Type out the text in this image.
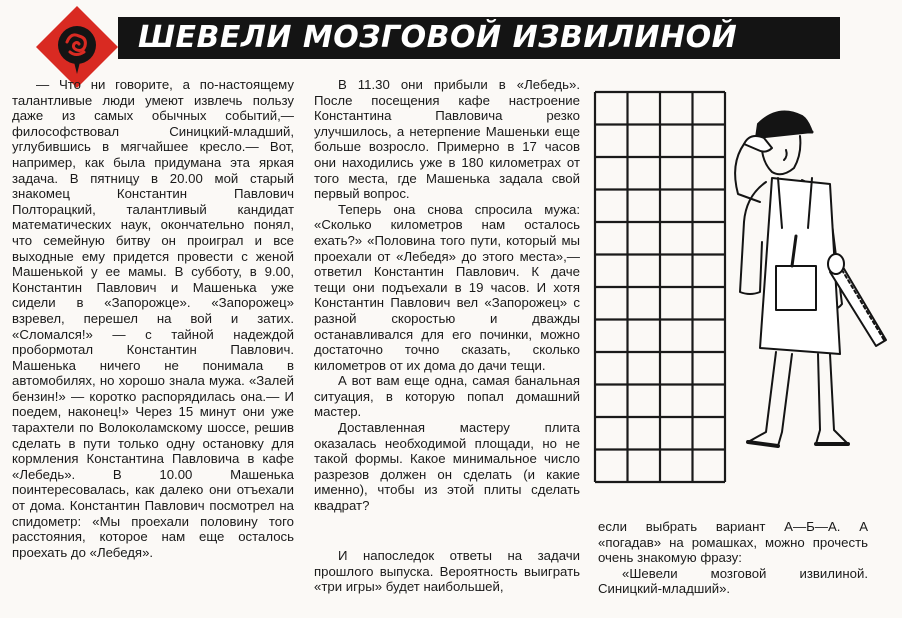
ШЕВЕЛИ МОЗГОВОЙ ИЗВИЛИНОЙ

— Что ни говорите, а по-настоящему талантливые люди умеют извлечь пользу даже из самых обычных событий,— философствовал Синицкий-младший, углубившись в мягчайшее кресло.— Вот, например, как была придумана эта яркая задача. В пятницу в 20.00 мой старый знакомец Константин Павлович Полторацкий, талантливый кандидат математических наук, окончательно понял, что семейную битву он проиграл и все выходные ему придется провести с женой Машенькой у ее мамы. В субботу, в 9.00, Константин Павлович и Машенька уже сидели в «Запорожце». «Запорожец» взревел, перешел на вой и затих. «Сломался!» — с тайной надеждой пробормотал Константин Павлович. Машенька ничего не понимала в автомобилях, но хорошо знала мужа. «Залей бензин!» — коротко распорядилась она.— И поедем, наконец!» Через 15 минут они уже тарахтели по Волоколамскому шоссе, решив сделать в пути только одну остановку для кормления Константина Павловича в кафе «Лебедь». В 10.00 Машенька поинтересовалась, как далеко они отъехали от дома. Константин Павлович посмотрел на спидометр: «Мы проехали половину того расстояния, которое нам еще осталось проехать до «Лебедя».

В 11.30 они прибыли в «Лебедь». После посещения кафе настроение Константина Павловича резко улучшилось, а нетерпение Машеньки еще больше возросло. Примерно в 17 часов они находились уже в 180 километрах от того места, где Машенька задала свой первый вопрос.

Теперь она снова спросила мужа: «Сколько километров нам осталось ехать?» «Половина того пути, который мы проехали от «Лебедя» до этого места»,— ответил Константин Павлович. К даче тещи они подъехали в 19 часов. И хотя Константин Павлович вел «Запорожец» с разной скоростью и дважды останавливался для его починки, можно достаточно точно сказать, сколько километров от их дома до дачи тещи.

А вот вам еще одна, самая банальная ситуация, в которую попал домашний мастер.

Доставленная мастеру плита оказалась необходимой площади, но не такой формы. Какое минимальное число разрезов должен он сделать (и какие именно), чтобы из этой плиты сделать квадрат?

И напоследок ответы на задачи прошлого выпуска. Вероятность выиграть «три игры» будет наибольшей,

если выбрать вариант А—Б—А. А «погадав» на ромашках, можно прочесть очень знакомую фразу:

«Шевели мозговой извилиной. Синицкий-младший».
